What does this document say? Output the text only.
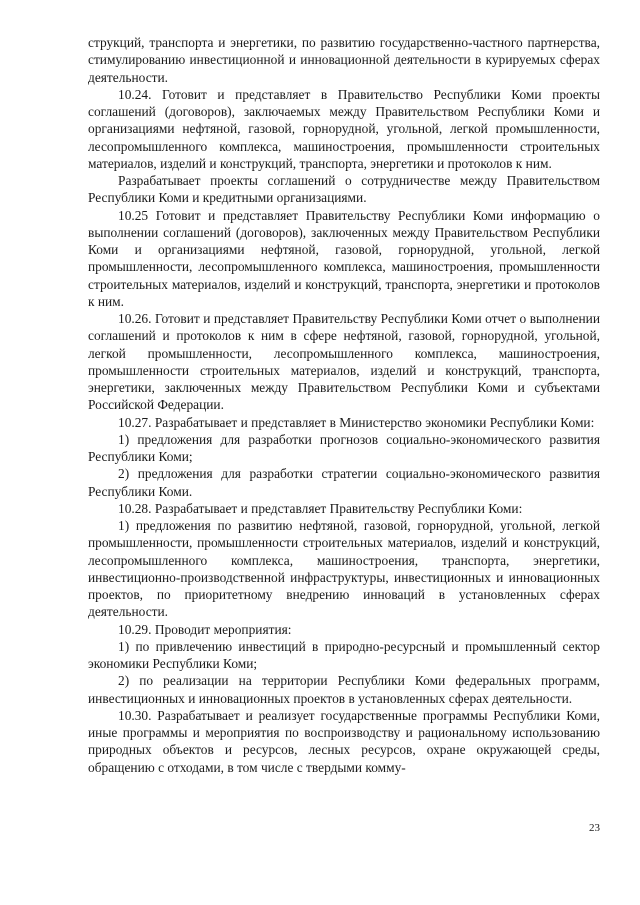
струкций, транспорта и энергетики, по развитию государственно-частного партнерства, стимулированию инвестиционной и инновационной деятельности в курируемых сферах деятельности.

10.24. Готовит и представляет в Правительство Республики Коми проекты соглашений (договоров), заключаемых между Правительством Республики Коми и организациями нефтяной, газовой, горнорудной, угольной, легкой промышленности, лесопромышленного комплекса, машиностроения, промышленности строительных материалов, изделий и конструкций, транспорта, энергетики и протоколов к ним.

Разрабатывает проекты соглашений о сотрудничестве между Правительством Республики Коми и кредитными организациями.

10.25 Готовит и представляет Правительству Республики Коми информацию о выполнении соглашений (договоров), заключенных между Правительством Республики Коми и организациями нефтяной, газовой, горнорудной, угольной, легкой промышленности, лесопромышленного комплекса, машиностроения, промышленности строительных материалов, изделий и конструкций, транспорта, энергетики и протоколов к ним.

10.26. Готовит и представляет Правительству Республики Коми отчет о выполнении соглашений и протоколов к ним в сфере нефтяной, газовой, горнорудной, угольной, легкой промышленности, лесопромышленного комплекса, машиностроения, промышленности строительных материалов, изделий и конструкций, транспорта, энергетики, заключенных между Правительством Республики Коми и субъектами Российской Федерации.

10.27. Разрабатывает и представляет в Министерство экономики Республики Коми:

1) предложения для разработки прогнозов социально-экономического развития Республики Коми;

2) предложения для разработки стратегии социально-экономического развития Республики Коми.

10.28. Разрабатывает и представляет Правительству Республики Коми:

1) предложения по развитию нефтяной, газовой, горнорудной, угольной, легкой промышленности, промышленности строительных материалов, изделий и конструкций, лесопромышленного комплекса, машиностроения, транспорта, энергетики, инвестиционно-производственной инфраструктуры, инвестиционных и инновационных проектов, по приоритетному внедрению инноваций в установленных сферах деятельности.

10.29. Проводит мероприятия:

1) по привлечению инвестиций в природно-ресурсный и промышленный сектор экономики Республики Коми;

2) по реализации на территории Республики Коми федеральных программ, инвестиционных и инновационных проектов в установленных сферах деятельности.

10.30. Разрабатывает и реализует государственные программы Республики Коми, иные программы и мероприятия по воспроизводству и рациональному использованию природных объектов и ресурсов, лесных ресурсов, охране окружающей среды, обращению с отходами, в том числе с твердыми комму-

23
